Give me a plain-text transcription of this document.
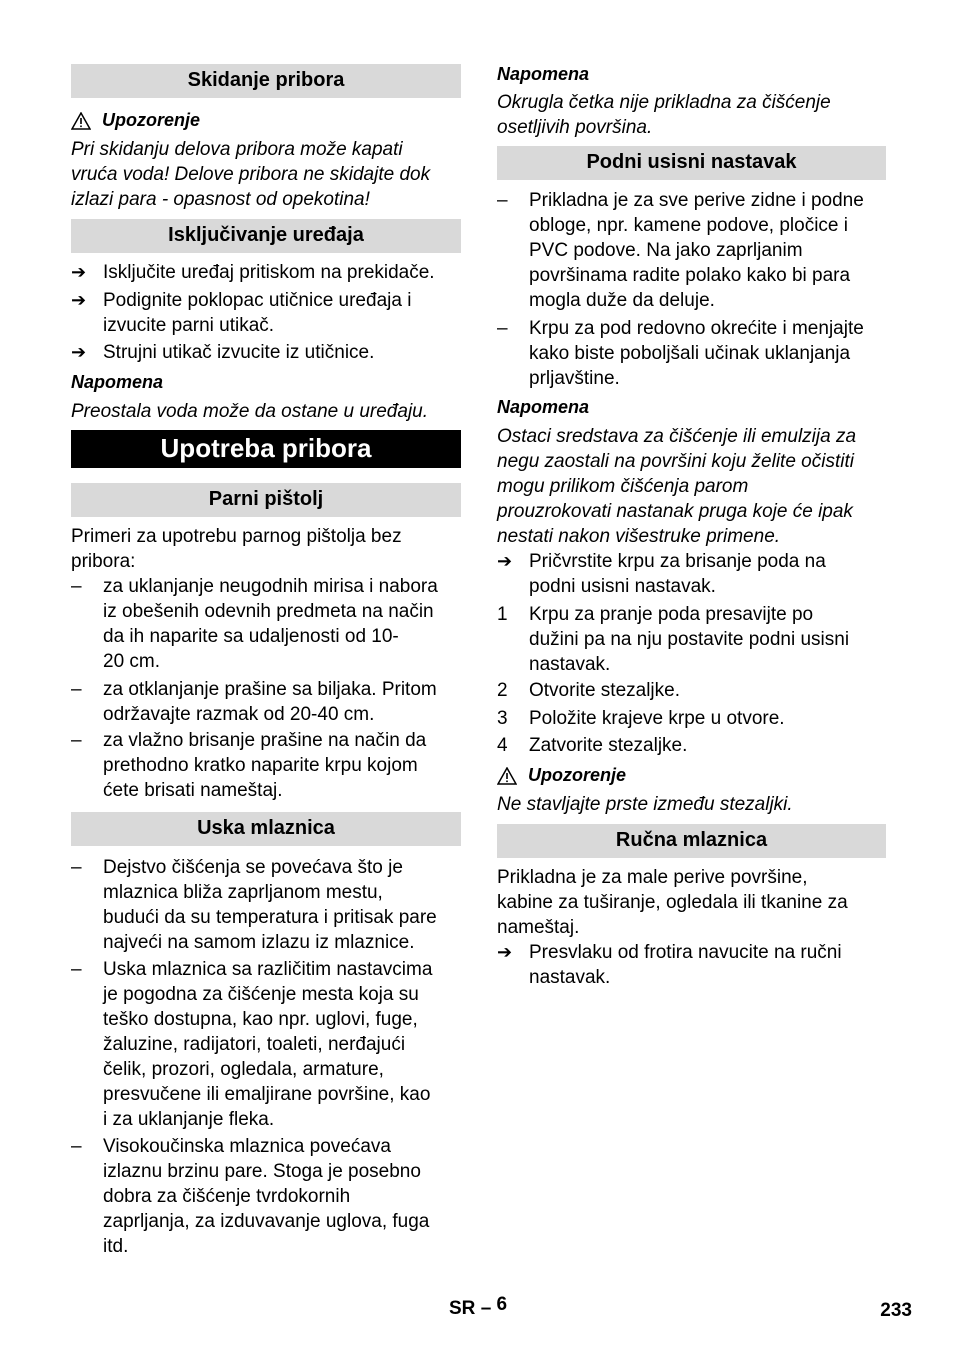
Skidanje pribora
Upozorenje
Pri skidanju delova pribora može kapati
vruća voda! Delove pribora ne skidajte dok
izlazi para - opasnost od opekotina!
Isključivanje uređaja
➔ Isključite uređaj pritiskom na prekidače.
➔ Podignite poklopac utičnice uređaja i
izvucite parni utikač.
➔ Strujni utikač izvucite iz utičnice.
Napomena
Preostala voda može da ostane u uređaju.
Upotreba pribora
Parni pištolj
Primeri za upotrebu parnog pištolja bez
pribora:
–	za uklanjanje neugodnih mirisa i nabora
iz obešenih odevnih predmeta na način
da ih naparite sa udaljenosti od 10-
20 cm.
–	za otklanjanje prašine sa biljaka. Pritom
održavajte razmak od 20-40 cm.
–	za vlažno brisanje prašine na način da
prethodno kratko naparite krpu kojom
ćete brisati nameštaj.
Uska mlaznica
–	Dejstvo čišćenja se povećava što je
mlaznica bliža zaprljanom mestu,
budući da su temperatura i pritisak pare
najveći na samom izlazu iz mlaznice.
–	Uska mlaznica sa različitim nastavcima
je pogodna za čišćenje mesta koja su
teško dostupna, kao npr. uglovi, fuge,
žaluzine, radijatori, toaleti, nerđajući
čelik, prozori, ogledala, armature,
presvučene ili emaljirane površine, kao
i za uklanjanje fleka.
–	Visokoučinska mlaznica povećava
izlaznu brzinu pare. Stoga je posebno
dobra za čišćenje tvrdokornih
zaprljanja, za izduvavanje uglova, fuga
itd.
Napomena
Okrugla četka nije prikladna za čišćenje
osetljivih površina.
Podni usisni nastavak
–	Prikladna je za sve perive zidne i podne
obloge, npr. kamene podove, pločice i
PVC podove. Na jako zaprljanim
površinama radite polako kako bi para
mogla duže da deluje.
–	Krpu za pod redovno okrećite i menjajte
kako biste poboljšali učinak uklanjanja
prljavštine.
Napomena
Ostaci sredstava za čišćenje ili emulzija za
negu zaostali na površini koju želite očistiti
mogu prilikom čišćenja parom
prouzrokovati nastanak pruga koje će ipak
nestati nakon višestruke primene.
➔ Pričvrstite krpu za brisanje poda na
podni usisni nastavak.
1	Krpu za pranje poda presavijte po
dužini pa na nju postavite podni usisni
nastavak.
2	Otvorite stezaljke.
3	Položite krajeve krpe u otvore.
4	Zatvorite stezaljke.
Upozorenje
Ne stavljajte prste između stezaljki.
Ručna mlaznica
Prikladna je za male perive površine,
kabine za tuširanje, ogledala ili tkanine za
nameštaj.
➔ Presvlaku od frotira navucite na ručni
nastavak.
SR – 6	233
